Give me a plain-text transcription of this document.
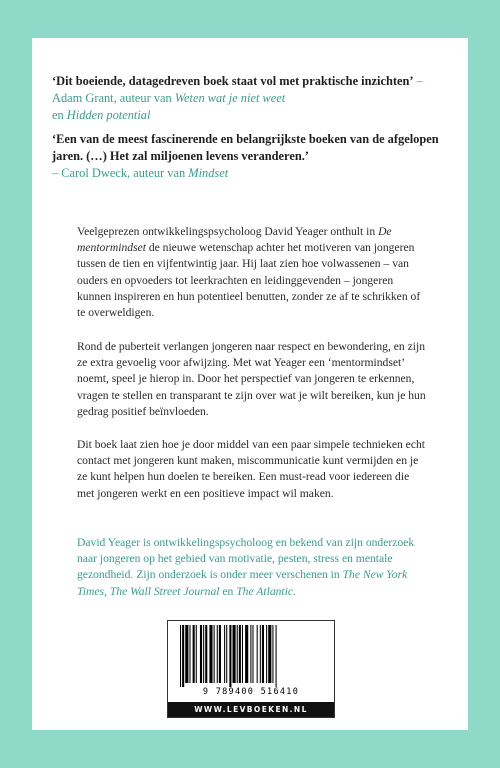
‘Dit boeiende, datagedreven boek staat vol met praktische inzichten’ – Adam Grant, auteur van Weten wat je niet weet
en Hidden potential
‘Een van de meest fascinerende en belangrijkste boeken van de afgelopen jaren. (…) Het zal miljoenen levens veranderen.’
– Carol Dweck, auteur van Mindset
Veelgeprezen ontwikkelingspsycholoog David Yeager onthult in De mentormindset de nieuwe wetenschap achter het motiveren van jongeren tussen de tien en vijfentwintig jaar. Hij laat zien hoe volwassenen – van ouders en opvoeders tot leerkrachten en leidinggevenden – jongeren kunnen inspireren en hun potentieel benutten, zonder ze af te schrikken of te overweldigen.
Rond de puberteit verlangen jongeren naar respect en bewondering, en zijn ze extra gevoelig voor afwijzing. Met wat Yeager een ‘mentormindset’ noemt, speel je hierop in. Door het perspectief van jongeren te erkennen, vragen te stellen en transparant te zijn over wat je wilt bereiken, kun je hun gedrag positief beïnvloeden.
Dit boek laat zien hoe je door middel van een paar simpele technieken echt contact met jongeren kunt maken, miscommunicatie kunt vermijden en je ze kunt helpen hun doelen te bereiken. Een must-read voor iedereen die met jongeren werkt en een positieve impact wil maken.
David Yeager is ontwikkelingspsycholoog en bekend van zijn onderzoek naar jongeren op het gebied van motivatie, pesten, stress en mentale gezondheid. Zijn onderzoek is onder meer verschenen in The New York Times, The Wall Street Journal en The Atlantic.
9 789400 516410
WWW.LEVBOEKEN.NL
